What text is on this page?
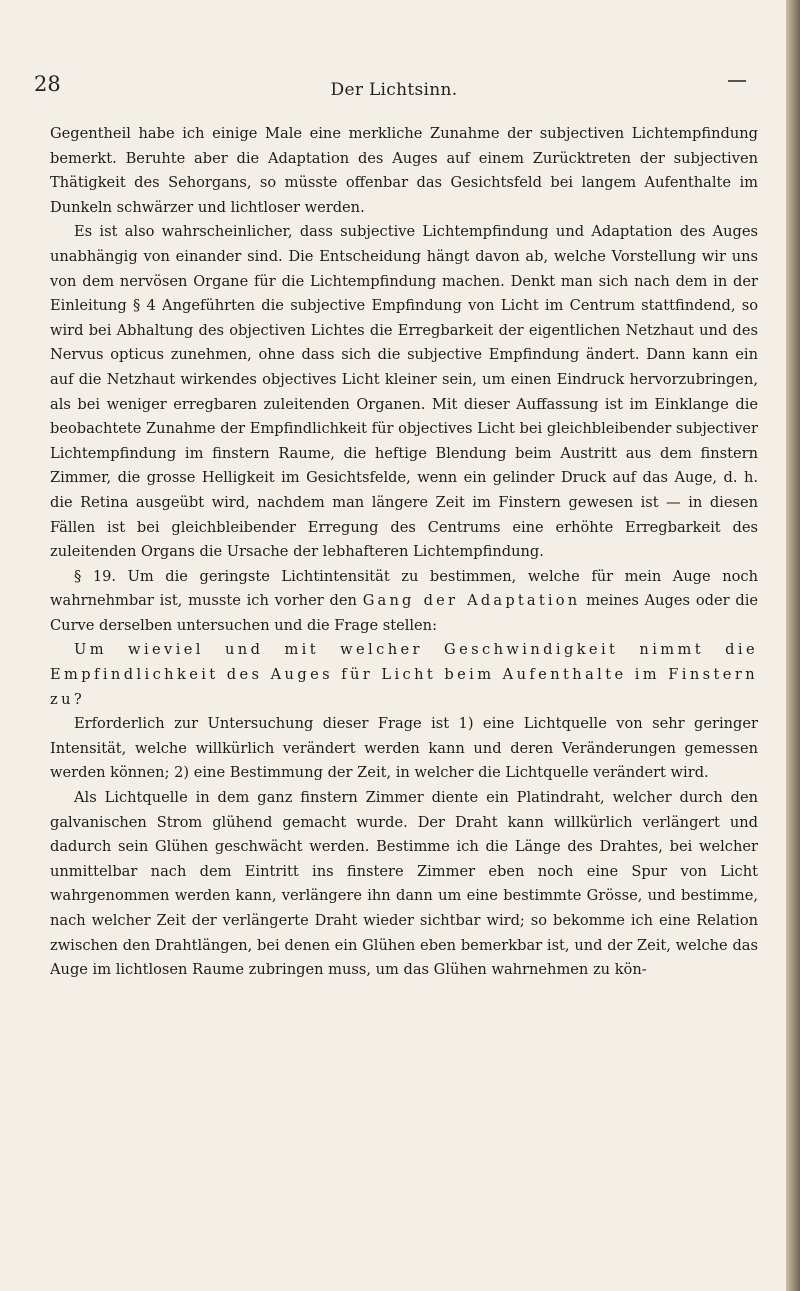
28	Der Lichtsinn.

Gegentheil habe ich einige Male eine merkliche Zunahme der subjectiven Lichtempfindung bemerkt. Beruhte aber die Adaptation des Auges auf einem Zurücktreten der subjectiven Thätigkeit des Sehorgans, so müsste offenbar das Gesichtsfeld bei langem Aufenthalte im Dunkeln schwärzer und lichtloser werden.

Es ist also wahrscheinlicher, dass subjective Lichtempfindung und Adaptation des Auges unabhängig von einander sind. Die Entscheidung hängt davon ab, welche Vorstellung wir uns von dem nervösen Organe für die Lichtempfindung machen. Denkt man sich nach dem in der Einleitung § 4 Angeführten die subjective Empfindung von Licht im Centrum stattfindend, so wird bei Abhaltung des objectiven Lichtes die Erregbarkeit der eigentlichen Netzhaut und des Nervus opticus zunehmen, ohne dass sich die subjective Empfindung ändert. Dann kann ein auf die Netzhaut wirkendes objectives Licht kleiner sein, um einen Eindruck hervorzubringen, als bei weniger erregbaren zuleitenden Organen. Mit dieser Auffassung ist im Einklange die beobachtete Zunahme der Empfindlichkeit für objectives Licht bei gleichbleibender subjectiver Lichtempfindung im finstern Raume, die heftige Blendung beim Austritt aus dem finstern Zimmer, die grosse Helligkeit im Gesichtsfelde, wenn ein gelinder Druck auf das Auge, d. h. die Retina ausgeübt wird, nachdem man längere Zeit im Finstern gewesen ist — in diesen Fällen ist bei gleichbleibender Erregung des Centrums eine erhöhte Erregbarkeit des zuleitenden Organs die Ursache der lebhafteren Lichtempfindung.

§ 19. Um die geringste Lichtintensität zu bestimmen, welche für mein Auge noch wahrnehmbar ist, musste ich vorher den Gang der Adaptation meines Auges oder die Curve derselben untersuchen und die Frage stellen:

Um wieviel und mit welcher Geschwindigkeit nimmt die Empfindlichkeit des Auges für Licht beim Aufenthalte im Finstern zu?

Erforderlich zur Untersuchung dieser Frage ist 1) eine Lichtquelle von sehr geringer Intensität, welche willkürlich verändert werden kann und deren Veränderungen gemessen werden können; 2) eine Bestimmung der Zeit, in welcher die Lichtquelle verändert wird.

Als Lichtquelle in dem ganz finstern Zimmer diente ein Platindraht, welcher durch den galvanischen Strom glühend gemacht wurde. Der Draht kann willkürlich verlängert und dadurch sein Glühen geschwächt werden. Bestimme ich die Länge des Drahtes, bei welcher unmittelbar nach dem Eintritt ins finstere Zimmer eben noch eine Spur von Licht wahrgenommen werden kann, verlängere ihn dann um eine bestimmte Grösse, und bestimme, nach welcher Zeit der verlängerte Draht wieder sichtbar wird; so bekomme ich eine Relation zwischen den Drahtlängen, bei denen ein Glühen eben bemerkbar ist, und der Zeit, welche das Auge im lichtlosen Raume zubringen muss, um das Glühen wahrnehmen zu kön-
